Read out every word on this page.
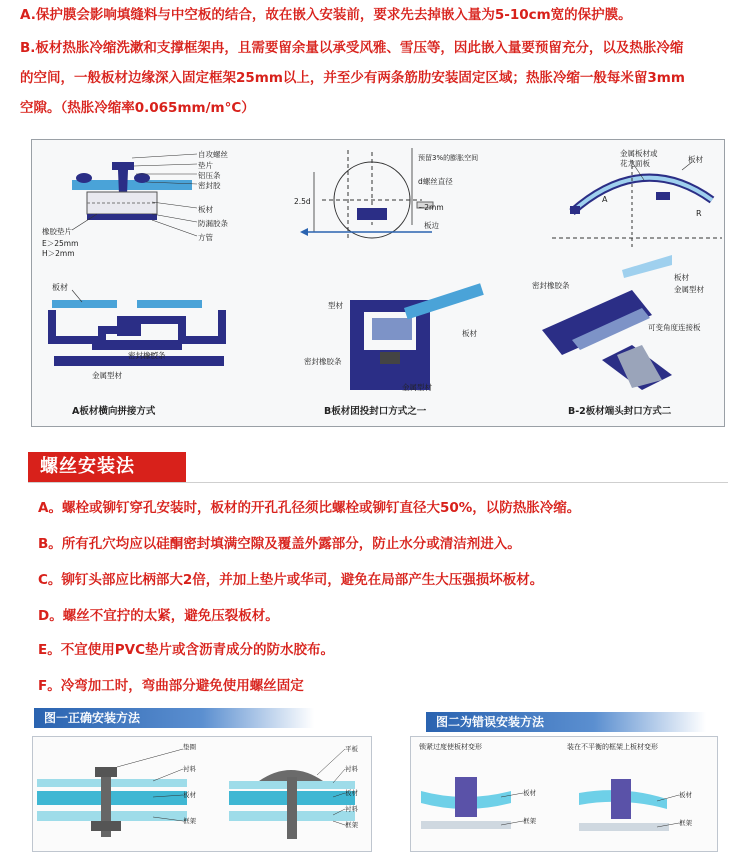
A.保护膜会影响填缝料与中空板的结合，故在嵌入安装前，要求先去掉嵌入量为5-10cm宽的保护膜。

B.板材热胀冷缩洗漱和支撑框架冉，且需要留余量以承受风雅、雪压等，因此嵌入量要预留充分，以及热胀冷缩

的空间，一般板材边缘深入固定框架25mm以上，并至少有两条筋肋安装固定区域；热胀冷缩一般每米留3mm

空隙。（热胀冷缩率0.065mm/m°C）

自攻螺丝
垫片
铝压条
密封胶
板材
防漏胶条
方管
橡胶垫片
E＞25mm
H＞2mm
预留3%的膨胀空间
d螺丝直径
~2mm
2.5d
板边
金属板材或
花龙面板	板材
A
R
板材
密封橡胶条
金属型材
A板材横向拼接方式
型材
板材
密封橡胶条
金属型材
B板材团投封口方式之一
密封橡胶条
板材
金属型材
可变角度连接板
B-2板材端头封口方式二
螺丝安装法
A。螺栓或铆钉穿孔安装时，板材的开孔孔径须比螺栓或铆钉直径大50%，以防热胀冷缩。
B。所有孔穴均应以硅酮密封填满空隙及覆盖外露部分，防止水分或清洁剂进入。
C。铆钉头部应比柄部大2倍，并加上垫片或华司，避免在局部产生大压强损坏板材。
D。螺丝不宜拧的太紧，避免压裂板材。
E。不宜使用PVC垫片或含沥青成分的防水胶布。
F。冷弯加工时，弯曲部分避免使用螺丝固定
图一正确安装方法
垫圈
衬料
板材
框架
平板
衬料
板材
衬料
框架
图二为错误安装方法
锁紧过度使板材变形	装在不平衡的框架上板材变形
板材
框架
板材
框架
